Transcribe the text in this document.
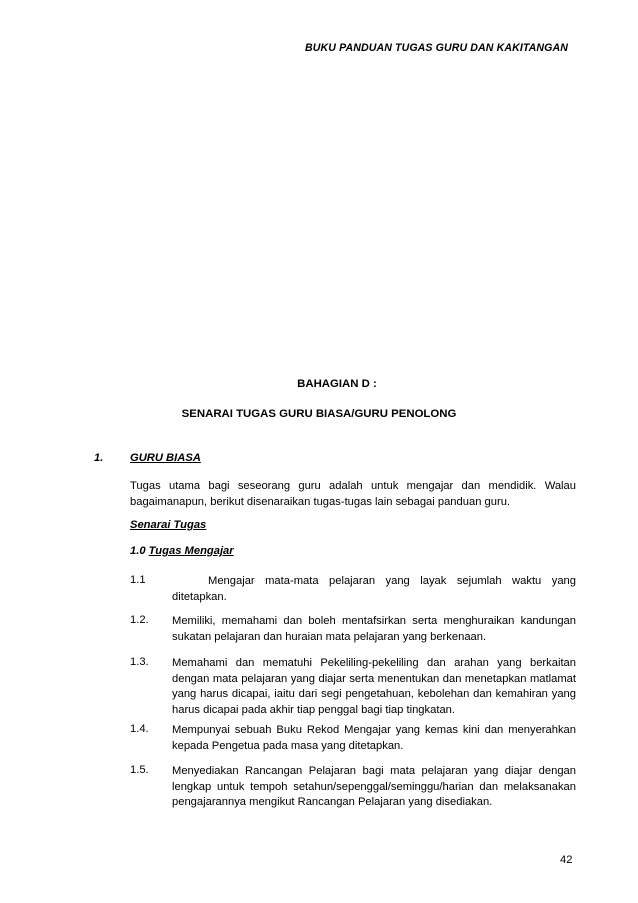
BUKU PANDUAN TUGAS GURU DAN KAKITANGAN
BAHAGIAN D :
SENARAI TUGAS GURU BIASA/GURU PENOLONG
1. GURU BIASA
Tugas utama bagi seseorang guru adalah untuk mengajar dan mendidik. Walau bagaimanapun, berikut disenaraikan tugas-tugas lain sebagai panduan guru.
Senarai Tugas
1.0 Tugas Mengajar
1.1	Mengajar mata-mata pelajaran yang layak sejumlah waktu yang ditetapkan.
1.2. Memiliki, memahami dan boleh mentafsirkan serta menghuraikan kandungan sukatan pelajaran dan huraian mata pelajaran yang berkenaan.
1.3. Memahami dan mematuhi Pekeliling-pekeliling dan arahan yang berkaitan dengan mata pelajaran yang diajar serta menentukan dan menetapkan matlamat yang harus dicapai, iaitu dari segi pengetahuan, kebolehan dan kemahiran yang harus dicapai pada akhir tiap penggal bagi tiap tingkatan.
1.4. Mempunyai sebuah Buku Rekod Mengajar yang kemas kini dan menyerahkan kepada Pengetua pada masa yang ditetapkan.
1.5. Menyediakan Rancangan Pelajaran bagi mata pelajaran yang diajar dengan lengkap untuk tempoh setahun/sepenggal/seminggu/harian dan melaksanakan pengajarannya mengikut Rancangan Pelajaran yang disediakan.
42
